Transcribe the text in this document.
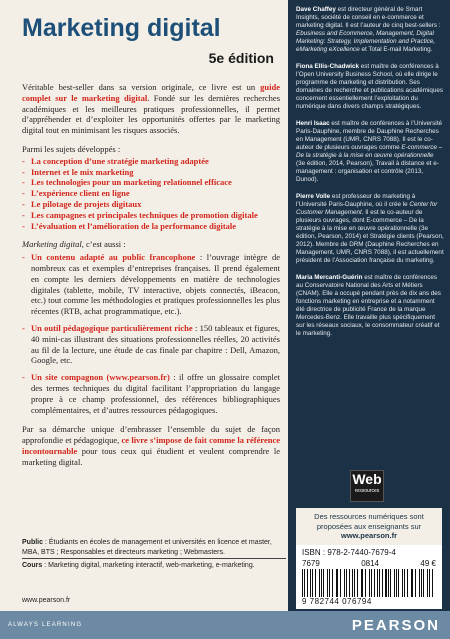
Marketing digital
5e édition

Véritable best-seller dans sa version originale, ce livre est un guide complet sur le marketing digital. Fondé sur les dernières recherches académiques et les meilleures pratiques professionnelles, il permet d’appréhender et d’exploiter les opportunités offertes par le marketing digital tout en minimisant les risques associés.

Parmi les sujets développés :
- La conception d’une stratégie marketing adaptée
- Internet et le mix marketing
- Les technologies pour un marketing relationnel efficace
- L’expérience client en ligne
- Le pilotage de projets digitaux
- Les campagnes et principales techniques de promotion digitale
- L’évaluation et l’amélioration de la performance digitale
Marketing digital, c’est aussi :
- Un contenu adapté au public francophone : l’ouvrage intègre de nombreux cas et exemples d’entreprises françaises. Il prend également en compte les derniers développements en matière de technologies digitales (tablette, mobile, TV interactive, objets connectés, iBeacon, etc.) tout comme les méthodologies et pratiques professionnelles les plus récentes (RTB, achat programmatique, etc.).
- Un outil pédagogique particulièrement riche : 150 tableaux et figures, 40 mini-cas illustrant des situations professionnelles réelles, 20 activités au fil de la lecture, une étude de cas finale par chapitre : Dell, Amazon, Google, etc.
- Un site compagnon (www.pearson.fr) : il offre un glossaire complet des termes techniques du digital facilitant l’appropriation du langage propre à ce champ professionnel, des références bibliographiques complémentaires, et d’autres ressources pédagogiques.

Par sa démarche unique d’embrasser l’ensemble du sujet de façon approfondie et pédagogique, ce livre s’impose de fait comme la référence incontournable pour tous ceux qui étudient et veulent comprendre le marketing digital.

Public : Étudiants en écoles de management et universités en licence et master, MBA, BTS ; Responsables et directeurs marketing ; Webmasters.
Cours : Marketing digital, marketing interactif, web-marketing, e-marketing.
www.pearson.fr
Dave Chaffey est directeur général de Smart Insights, société de conseil en e-commerce et marketing digital. Il est l’auteur de cinq best-sellers : Ebusiness and Ecommerce, Management, Digital Marketing: Strategy, Implementation and Practice, eMarketing eXcellence et Total E-mail Marketing.
Fiona Ellis-Chadwick est maître de conférences à l’Open University Business School, où elle dirige le programme de marketing et distribution. Ses domaines de recherche et publications académiques concernent essentiellement l’exploitation du numérique dans divers champs stratégiques.
Henri Isaac est maître de conférences à l’Université Paris-Dauphine, membre de Dauphine Recherches en Management (UMR, CNRS 7088). Il est le co-auteur de plusieurs ouvrages comme E-commerce – De la stratégie à la mise en œuvre opérationnelle (3e édition, 2014, Pearson), Travail à distance et e-management : organisation et contrôle (2013, Dunod).
Pierre Volle est professeur de marketing à l’Université Paris-Dauphine, où il crée le Center for Customer Management. Il est le co-auteur de plusieurs ouvrages, dont E-commerce – De la stratégie à la mise en œuvre opérationnelle (3e édition, Pearson, 2014) et Stratégie clients (Pearson, 2012). Membre de DRM (Dauphine Recherches en Management, UMR, CNRS 7088), il est actuellement président de l’Association française du marketing.
Maria Mercanti-Guérin est maître de conférences au Conservatoire National des Arts et Métiers (CNAM). Elle a occupé pendant près de dix ans des fonctions marketing en entreprise et a notamment été directrice de publicité France de la marque Mercedes-Benz. Elle travaille plus spécifiquement sur les réseaux sociaux, le consommateur créatif et le marketing.
Web
ressources
Des ressources numériques sont proposées aux enseignants sur www.pearson.fr
ISBN : 978-2-7440-7679-4
7679	0814	49 €
9 782744 076794
ALWAYS LEARNING	PEARSON
